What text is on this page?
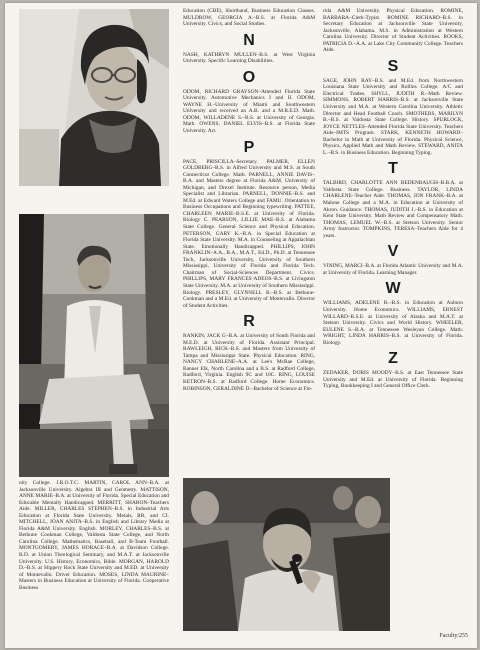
nity College. J.R.O.T.C. MARTIN, CAROL ANN–B.A. at Jacksonville University. Algebra III and Geometry. MATTISON, ANNE MARIE–B.A. at University of Florida. Special Education and Educable Mentally Handicapped. MERRITT, SHARON–Teachers Aide. MILLER, CHARLES STEPHEN–B.S. in Industrial Arts Education at Florida State University. Metals, RR, and CI. MITCHELL, JOAN ANITA–B.S. in English and Library Media at Florida A&M University. English. MORLEY, CHARLES–B.S. at Bethune Cookman College, Valdosta State College, and North Carolina College. Mathematics, Baseball, and B-Team Football. MONTGOMERY, JAMES HORACE–B.A. at Davidson College. B.D. at Union Theological Seminary, and M.A.T. at Jacksonville University. U.S. History, Economics, Bible. MORGAN, HAROLD D.–B.S. at Slippery Rock State University and M.ED. at University of Montevallo. Driver Education. MOSES, LINDA MAURINE–Masters in Business Education at University of Florida. Cooperative Business

Education (CBE), Shorthand, Business Education Classes. MULDROW, GEORGIA A.–B.S. at Florida A&M University. Civics, and Social Studies.

N

NASH, KATHRYN MULLEN–B.S. at West Virginia University. Specific Learning Disabilities.

O

ODOM, RICHARD GRAYSON–Attended Florida State University. Automotive Mechanics I and II. ODOM, WAYNE H.–University of Miami and Southwestern University and received an A.B. and a M.R.E.D. Math. ODOM, WILLADENE S.–B.S. at University of Georgia. Math. OWENS, DANIEL ELVIS–B.S. at Florida State University. Art.

P

PACE, PRISCILLA–Secretary. PALMER, ELLEN GOLDBERG–B.S. in Alfred University and M.S. at South Connecticut College. Math. PARNELL, ANNIE DAVIS–B.A. and Masters degree at Florida A&M, University of Michigan, and Drexel Institute. Resource person, Media Specialist and Librarian. PARNELL, DONNIE–B.S. and M.Ed. at Edward Waters College and FAMU. Orientation to Business Occupations and Beginning typewriting. PATTEE, CHARLEEN MARIE–B.S.E. at University of Florida. Biology C. PEARSON, LILLIE MAE–B.S. at Alabama State College. General Science and Physical Education. PETERSON, GARY K.–B.A. in Special Education at Florida State University. M.A. in Counseling at Appalachian State. Emotionally Handicapped. PHILLIPS, JOHN FRANKLIN–A.A., B.A., M.A.T., Ed.D., Ph.D. at Tennessee Tech, Jacksonville University, University of Southern Mississippi, University of Florida and Florida Tech. Chairman of Social-Sciences Department. Civics. PHILLIPS, MARY FRANCES ADEOS–B.S. at Livingston State University. M.A. at University of Southern Mississippi. Biology. PRESLEY, GLYNNELL B.–B.S. at Bethune-Cookman and a M.Ed. at University of Montevallo. Director of Student Activities.

R

RANKIN, JACK G–B.A. at University of South Florida and M.E.D. at University of Florida. Assistant Principal. RAWLEIGH, RICK–B.S. and Masters from University of Tampa and Mississippi State. Physical Education. RING, NANCY CHARLENE–A.A. at Lee's McRae College, Banner Elk, North Carolina and a B.S. at Radford College, Radford, Virginia. English 9C and 10C. RING, LOUISE KETRON–B.S. at Radford College. Home Economics. ROBINSON, GERALDINE D.–Bachelor of Science at Flo-

rida A&M University. Physical Education. ROMINE, BARBARA–Clerk-Typist. ROMINE RICHARD–B.S. in Secretary Education at Jacksonville State University, Jacksonville, Alabama. M.S. in Administration at Western Carolina University. Director of Student Activities. ROOKS, PATRICIA D.–A.A. at Lake City Community College. Teachers Aide.

S

SAGE, JOHN RAY–B.S. and M.Ed. from Northwestern Louisiana State University and Rollins College. A/C and Electrical Trades. SHYLL, JUDITH R.–Math Review. SIMMONS, ROBERT HARRIS–B.S. at Jacksonville State University and M.A. at Western Carolina University. Athletic Director and Head Football Coach. SMOTHERS, MARILYN B.–B.S. at Valdosta State College. History. SPURLOCK, JOYCE NETTLES–Attended Florida State University. Teachers Aide–IMTS Program. STARK, KENNETH HOWARD–Bachelor in Math at University of Florida. Physical Science, Physics, Applied Math and Math Review. STEWARD, ANITA L.–B.S. in Business Education. Beginning Typing.

T

TALBIRD, CHARLOTTE ANN BEDENBAUGH–B.B.A. at Valdosta State College. Business. TAYLOR, LINDA CHARLENE–Teacher Aide. THOMAS, JON FRANK–B.A. at Malone College and a M.A. in Education at University of Akron. Guidance. THOMAS, JUDITH J.–B.S. in Education at Kent State University. Math Review and Compensatory Math. THOMAS, LEMUEL W.–B.S. at Stetson University. Senior Army Instructor. TOMPKINS, TERESA–Teachers Aide for 4 years.

V

VINING, MARCI–B.A. at Florida Atlantic University and M.A. at University of Florida. Learning Manager.

W

WILLIAMS, ADELENE R.–B.S. in Education at Auburn University. Home Economics. WILLIAMS, ERNEST WILLARD–B.S.E. at University of Alaska and M.A.T. at Stetson University. Civics and World History. WHEELER, EULENE S.–B.A. at Tennessee Wesleyan College. Math. WRIGHT, LINDA HARRIS–B.S. at University of Florida. Biology.

Z

ZEDAKER, DORIS MOODY–B.S. at East Tennessee State University and M.Ed. at University of Florida. Beginning Typing, Bookkeeping I and General Office Clerk.

Faculty/255
